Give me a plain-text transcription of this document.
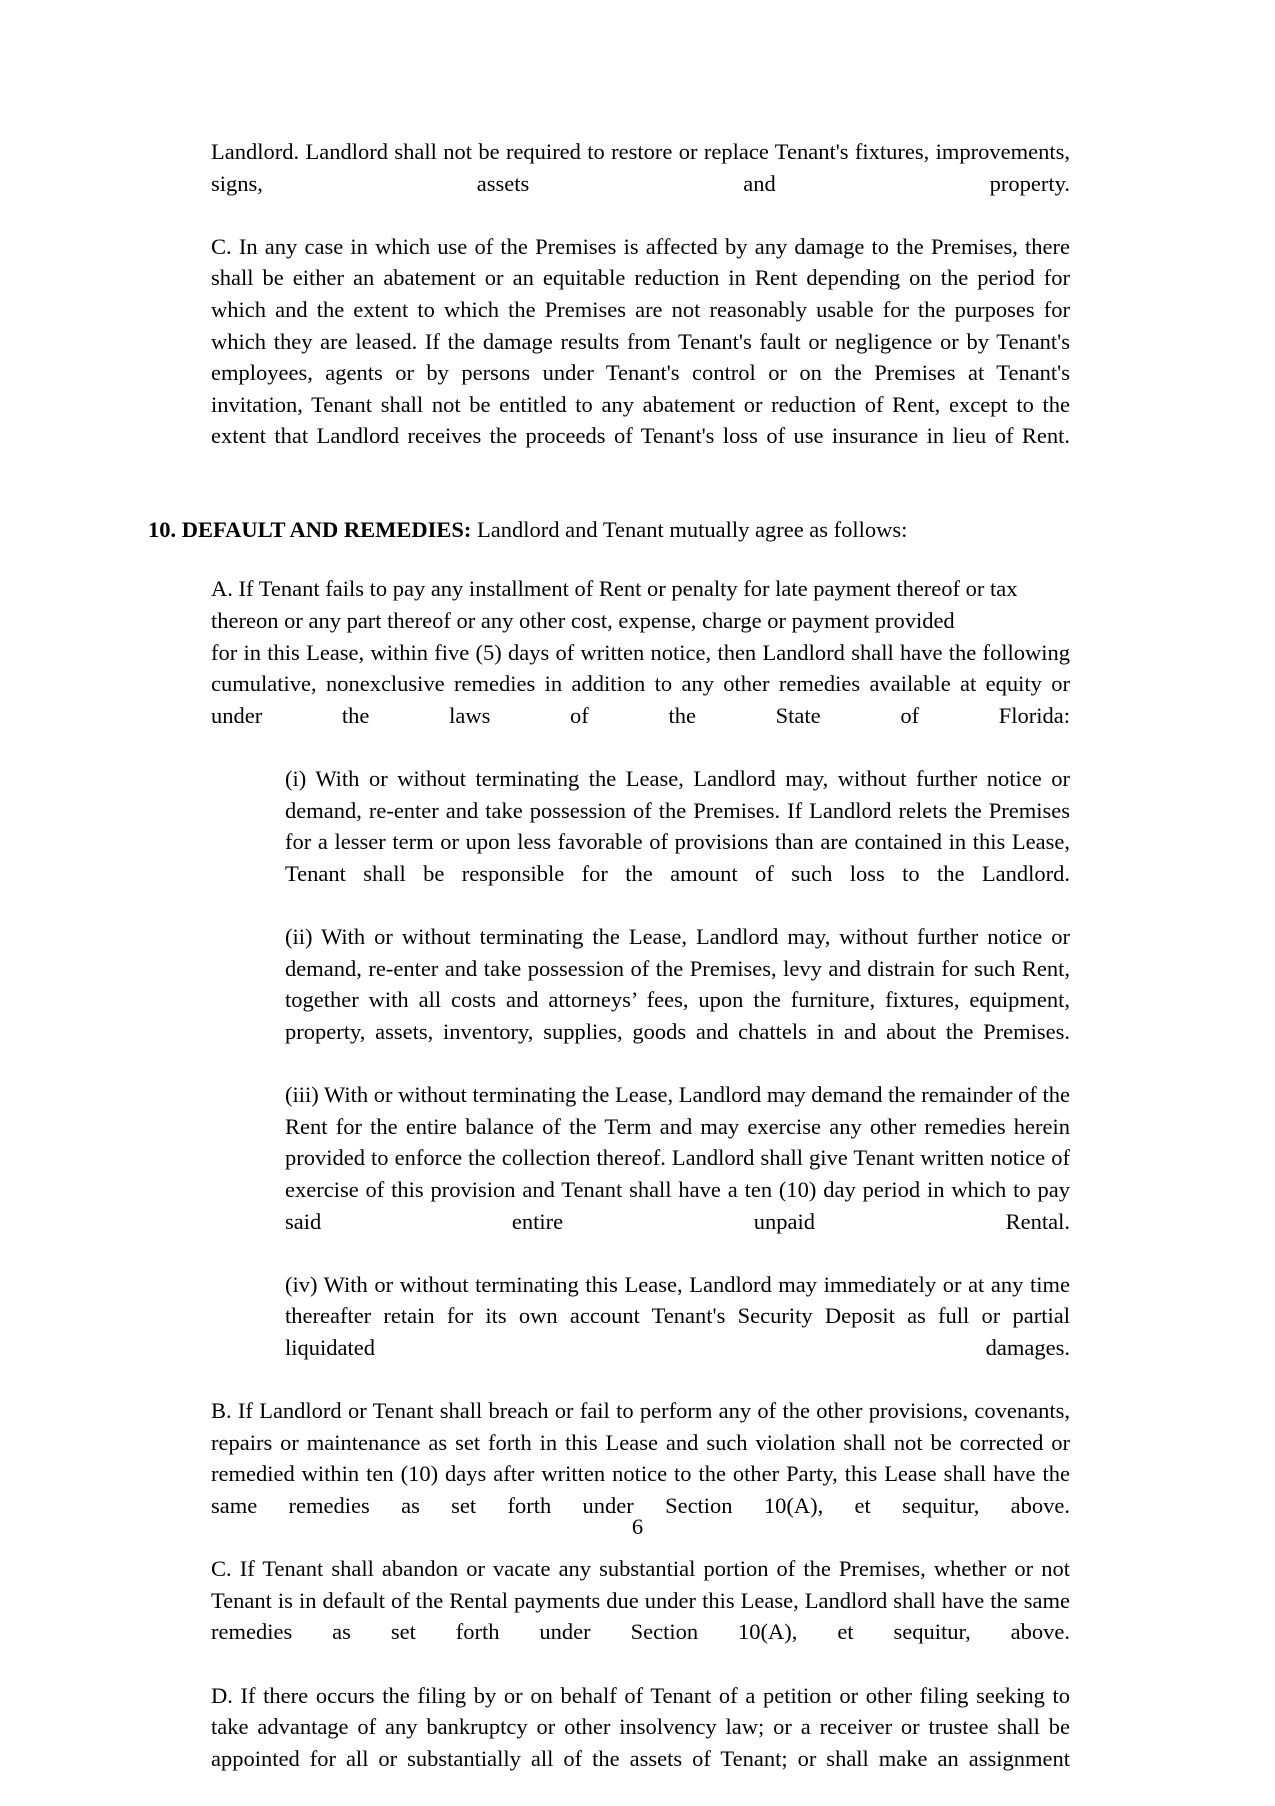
Landlord. Landlord shall not be required to restore or replace Tenant's fixtures, improvements, signs, assets and property.

C. In any case in which use of the Premises is affected by any damage to the Premises, there shall be either an abatement or an equitable reduction in Rent depending on the period for which and the extent to which the Premises are not reasonably usable for the purposes for which they are leased. If the damage results from Tenant's fault or negligence or by Tenant's employees, agents or by persons under Tenant's control or on the Premises at Tenant's invitation, Tenant shall not be entitled to any abatement or reduction of Rent, except to the extent that Landlord receives the proceeds of Tenant's loss of use insurance in lieu of Rent.

10. DEFAULT AND REMEDIES: Landlord and Tenant mutually agree as follows:

A. If Tenant fails to pay any installment of Rent or penalty for late payment thereof or tax thereon or any part thereof or any other cost, expense, charge or payment provided

for in this Lease, within five (5) days of written notice, then Landlord shall have the following cumulative, nonexclusive remedies in addition to any other remedies available at equity or under the laws of the State of Florida:

(i) With or without terminating the Lease, Landlord may, without further notice or demand, re-enter and take possession of the Premises. If Landlord relets the Premises for a lesser term or upon less favorable of provisions than are contained in this Lease, Tenant shall be responsible for the amount of such loss to the Landlord.

(ii) With or without terminating the Lease, Landlord may, without further notice or demand, re-enter and take possession of the Premises, levy and distrain for such Rent, together with all costs and attorneys’ fees, upon the furniture, fixtures, equipment, property, assets, inventory, supplies, goods and chattels in and about the Premises.

(iii) With or without terminating the Lease, Landlord may demand the remainder of the Rent for the entire balance of the Term and may exercise any other remedies herein provided to enforce the collection thereof. Landlord shall give Tenant written notice of exercise of this provision and Tenant shall have a ten (10) day period in which to pay said entire unpaid Rental.

(iv) With or without terminating this Lease, Landlord may immediately or at any time thereafter retain for its own account Tenant's Security Deposit as full or partial liquidated damages.

B. If Landlord or Tenant shall breach or fail to perform any of the other provisions, covenants, repairs or maintenance as set forth in this Lease and such violation shall not be corrected or remedied within ten (10) days after written notice to the other Party, this Lease shall have the same remedies as set forth under Section 10(A), et sequitur, above.

C. If Tenant shall abandon or vacate any substantial portion of the Premises, whether or not Tenant is in default of the Rental payments due under this Lease, Landlord shall have the same remedies as set forth under Section 10(A), et sequitur, above.

D. If there occurs the filing by or on behalf of Tenant of a petition or other filing seeking to take advantage of any bankruptcy or other insolvency law; or a receiver or trustee shall be appointed for all or substantially all of the assets of Tenant; or shall make an assignment

6
